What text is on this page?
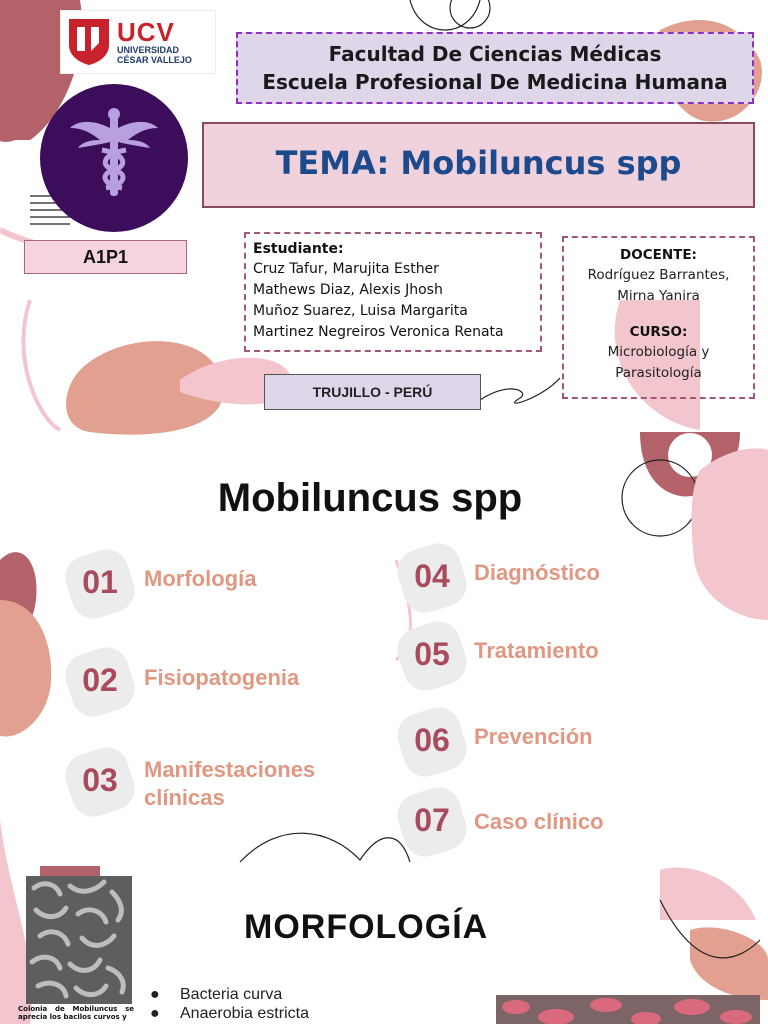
UCV
UNIVERSIDAD
CÉSAR VALLEJO	Facultad De Ciencias Médicas
Escuela Profesional De Medicina Humana
TEMA: Mobiluncus spp
A1P1	Estudiante:
Cruz Tafur, Marujita Esther
Mathews Diaz, Alexis Jhosh
Muñoz Suarez, Luisa Margarita
Martinez Negreiros Veronica Renata
DOCENTE:
Rodríguez Barrantes,
Mirna Yanira
CURSO:
Microbiología y
Parasitología
TRUJILLO - PERÚ
Mobiluncus spp
01	Morfología
02	Fisiopatogenia
03	Manifestaciones
clínicas
04	Diagnóstico
05	Tratamiento
06	Prevención
07	Caso clínico
Colonia de Mobiluncus se aprecia los bacilos curvos y
MORFOLOGÍA
● Bacteria curva
● Anaerobia estricta
